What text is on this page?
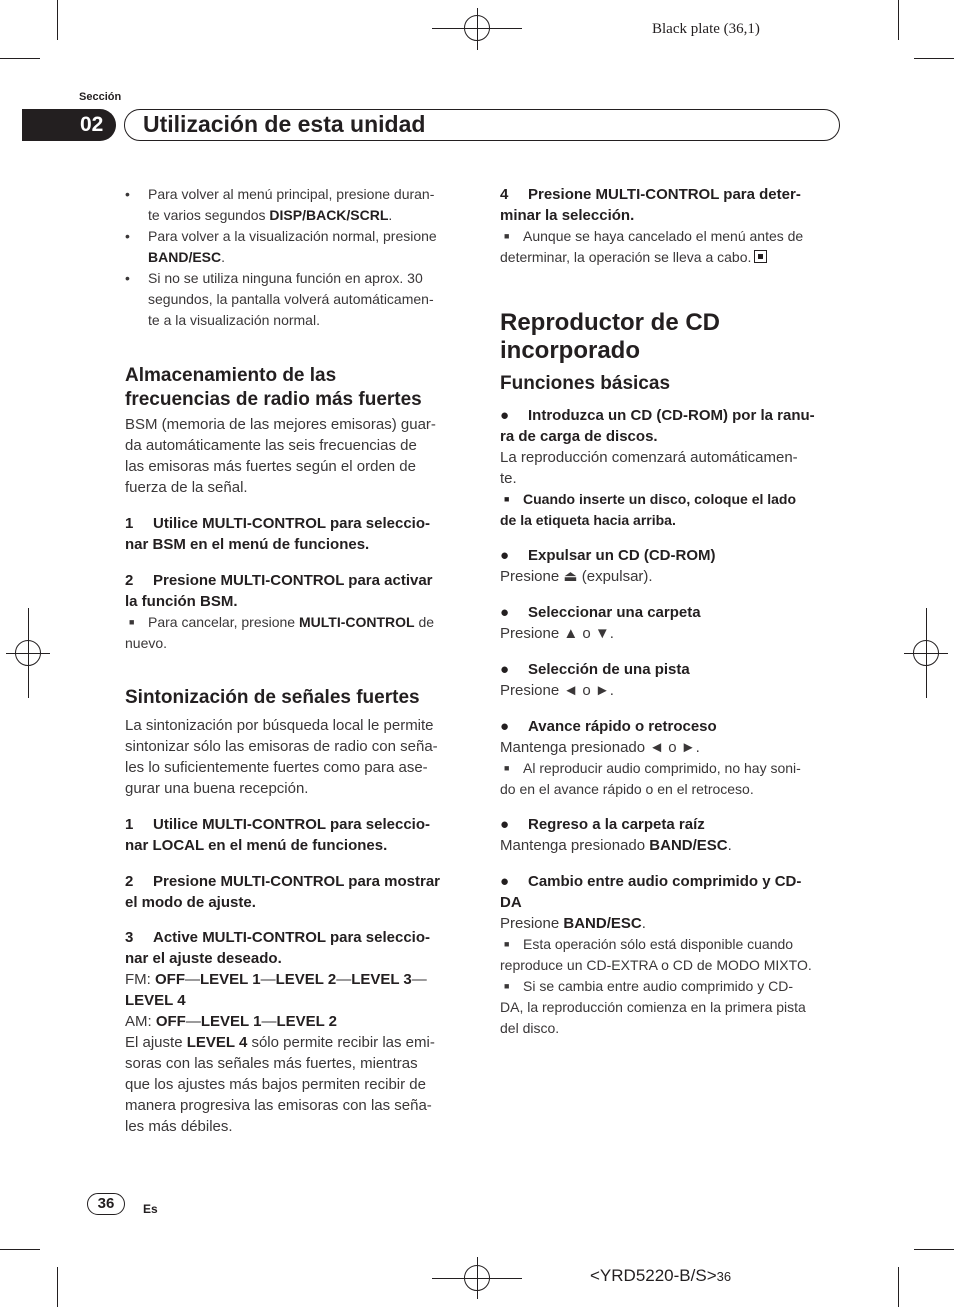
Black plate (36,1)
Sección
02	Utilización de esta unidad
• Para volver al menú principal, presione duran-
te varios segundos DISP/BACK/SCRL.
• Para volver a la visualización normal, presione
BAND/ESC.
• Si no se utiliza ninguna función en aprox. 30
segundos, la pantalla volverá automáticamen-
te a la visualización normal.
Almacenamiento de las
frecuencias de radio más fuertes
BSM (memoria de las mejores emisoras) guar-
da automáticamente las seis frecuencias de
las emisoras más fuertes según el orden de
fuerza de la señal.
1 Utilice MULTI-CONTROL para seleccio-
nar BSM en el menú de funciones.
2 Presione MULTI-CONTROL para activar
la función BSM.
■ Para cancelar, presione MULTI-CONTROL de
nuevo.
Sintonización de señales fuertes
La sintonización por búsqueda local le permite
sintonizar sólo las emisoras de radio con seña-
les lo suficientemente fuertes como para ase-
gurar una buena recepción.
1 Utilice MULTI-CONTROL para seleccio-
nar LOCAL en el menú de funciones.
2 Presione MULTI-CONTROL para mostrar
el modo de ajuste.
3 Active MULTI-CONTROL para seleccio-
nar el ajuste deseado.
FM: OFF—LEVEL 1—LEVEL 2—LEVEL 3—
LEVEL 4
AM: OFF—LEVEL 1—LEVEL 2
El ajuste LEVEL 4 sólo permite recibir las emi-
soras con las señales más fuertes, mientras
que los ajustes más bajos permiten recibir de
manera progresiva las emisoras con las seña-
les más débiles.
4 Presione MULTI-CONTROL para deter-
minar la selección.
■ Aunque se haya cancelado el menú antes de
determinar, la operación se lleva a cabo.
Reproductor de CD
incorporado
Funciones básicas
● Introduzca un CD (CD-ROM) por la ranu-
ra de carga de discos.
La reproducción comenzará automáticamen-
te.
■ Cuando inserte un disco, coloque el lado
de la etiqueta hacia arriba.
● Expulsar un CD (CD-ROM)
Presione ⏏ (expulsar).
● Seleccionar una carpeta
Presione ▲ o ▼.
● Selección de una pista
Presione ◄ o ►.
● Avance rápido o retroceso
Mantenga presionado ◄ o ►.
■ Al reproducir audio comprimido, no hay soni-
do en el avance rápido o en el retroceso.
● Regreso a la carpeta raíz
Mantenga presionado BAND/ESC.
● Cambio entre audio comprimido y CD-
DA
Presione BAND/ESC.
■ Esta operación sólo está disponible cuando
reproduce un CD-EXTRA o CD de MODO MIXTO.
■ Si se cambia entre audio comprimido y CD-
DA, la reproducción comienza en la primera pista
del disco.
36	Es
<YRD5220-B/S>36
